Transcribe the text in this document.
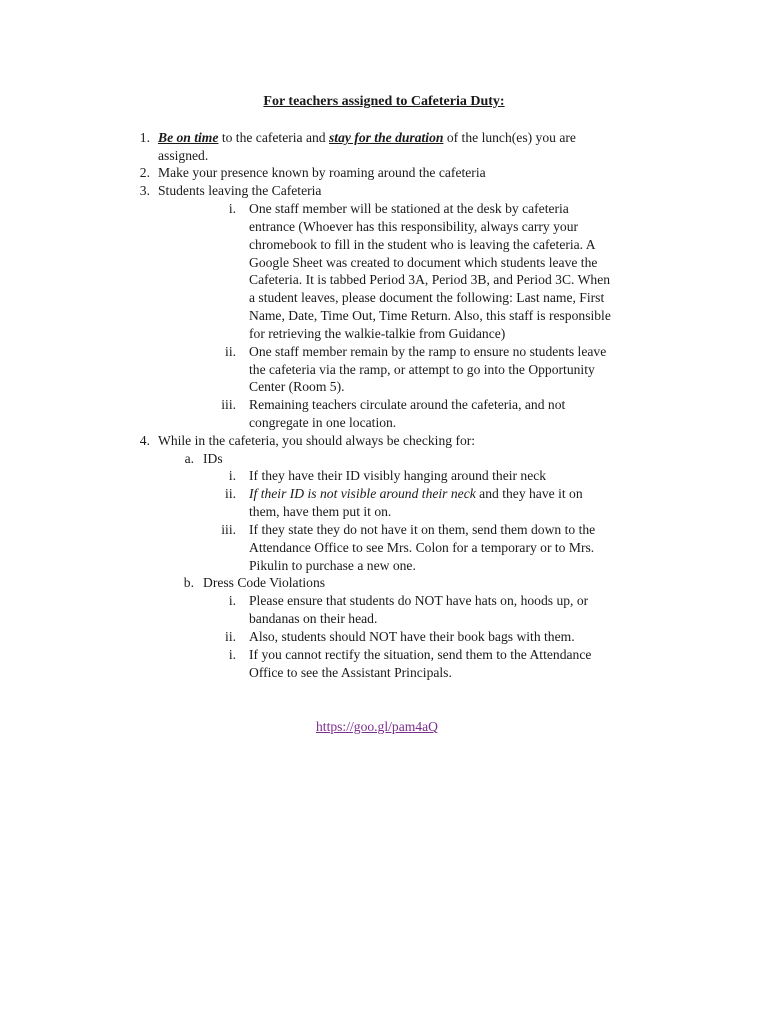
For teachers assigned to Cafeteria Duty:
1. Be on time to the cafeteria and stay for the duration of the lunch(es) you are
assigned.
2. Make your presence known by roaming around the cafeteria
3. Students leaving the Cafeteria
i. One staff member will be stationed at the desk by cafeteria
entrance (Whoever has this responsibility, always carry your
chromebook to fill in the student who is leaving the cafeteria. A
Google Sheet was created to document which students leave the
Cafeteria. It is tabbed Period 3A, Period 3B, and Period 3C. When
a student leaves, please document the following: Last name, First
Name, Date, Time Out, Time Return. Also, this staff is responsible
for retrieving the walkie-talkie from Guidance)
ii. One staff member remain by the ramp to ensure no students leave
the cafeteria via the ramp, or attempt to go into the Opportunity
Center (Room 5).
iii. Remaining teachers circulate around the cafeteria, and not
congregate in one location.
4. While in the cafeteria, you should always be checking for:
a. IDs
i. If they have their ID visibly hanging around their neck
ii. If their ID is not visible around their neck and they have it on
them, have them put it on.
iii. If they state they do not have it on them, send them down to the
Attendance Office to see Mrs. Colon for a temporary or to Mrs.
Pikulin to purchase a new one.
b. Dress Code Violations
i. Please ensure that students do NOT have hats on, hoods up, or
bandanas on their head.
ii. Also, students should NOT have their book bags with them.
i. If you cannot rectify the situation, send them to the Attendance
Office to see the Assistant Principals.
https://goo.gl/pam4aQ
